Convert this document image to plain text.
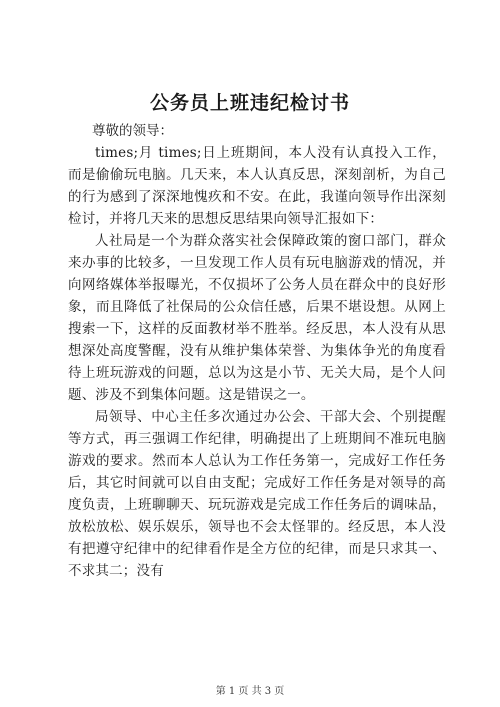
公务员上班违纪检讨书

尊敬的领导：

times;月 times;日上班期间，本人没有认真投入工作，而是偷偷玩电脑。几天来，本人认真反思，深刻剖析，为自己的行为感到了深深地愧疚和不安。在此，我谨向领导作出深刻检讨，并将几天来的思想反思结果向领导汇报如下：

人社局是一个为群众落实社会保障政策的窗口部门，群众来办事的比较多，一旦发现工作人员有玩电脑游戏的情况，并向网络媒体举报曝光，不仅损坏了公务人员在群众中的良好形象，而且降低了社保局的公众信任感，后果不堪设想。从网上搜索一下，这样的反面教材举不胜举。经反思，本人没有从思想深处高度警醒，没有从维护集体荣誉、为集体争光的角度看待上班玩游戏的问题，总以为这是小节、无关大局，是个人问题、涉及不到集体问题。这是错误之一。

局领导、中心主任多次通过办公会、干部大会、个别提醒等方式，再三强调工作纪律，明确提出了上班期间不准玩电脑游戏的要求。然而本人总认为工作任务第一，完成好工作任务后，其它时间就可以自由支配；完成好工作任务是对领导的高度负责，上班聊聊天、玩玩游戏是完成工作任务后的调味品，放松放松、娱乐娱乐，领导也不会太怪罪的。经反思，本人没有把遵守纪律中的纪律看作是全方位的纪律，而是只求其一、不求其二；没有

第 1 页 共 3 页
